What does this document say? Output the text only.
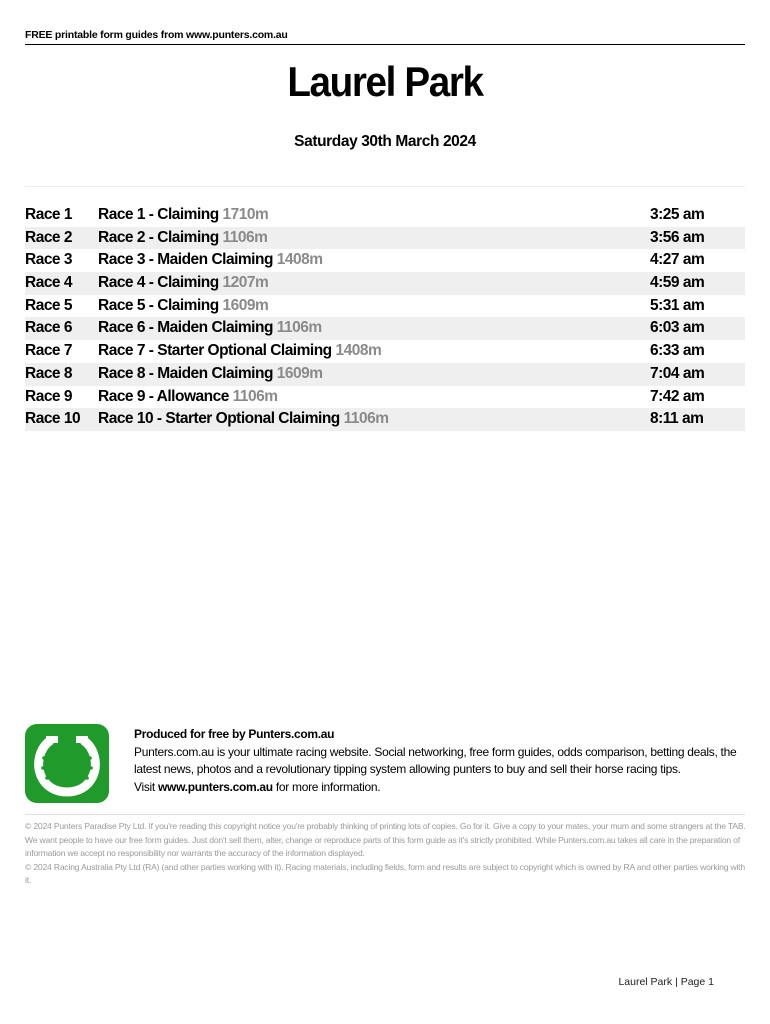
FREE printable form guides from www.punters.com.au
Laurel Park
Saturday 30th March 2024
Race 1 Race 1 - Claiming 1710m	3:25 am
Race 2 Race 2 - Claiming 1106m	3:56 am
Race 3 Race 3 - Maiden Claiming 1408m	4:27 am
Race 4 Race 4 - Claiming 1207m	4:59 am
Race 5 Race 5 - Claiming 1609m	5:31 am
Race 6 Race 6 - Maiden Claiming 1106m	6:03 am
Race 7 Race 7 - Starter Optional Claiming 1408m	6:33 am
Race 8 Race 8 - Maiden Claiming 1609m	7:04 am
Race 9 Race 9 - Allowance 1106m	7:42 am
Race 10 Race 10 - Starter Optional Claiming 1106m	8:11 am
Produced for free by Punters.com.au
Punters.com.au is your ultimate racing website. Social networking, free form guides, odds comparison, betting deals, the latest news, photos and a revolutionary tipping system allowing punters to buy and sell their horse racing tips.
Visit www.punters.com.au for more information.

© 2024 Punters Paradise Pty Ltd. If you're reading this copyright notice you're probably thinking of printing lots of copies. Go for it. Give a copy to your mates, your mum and some strangers at the TAB. We want people to have our free form guides. Just don't sell them, alter, change or reproduce parts of this form guide as it's strictly prohibited. While Punters.com.au takes all care in the preparation of information we accept no responsibility nor warrants the accuracy of the information displayed.

© 2024 Racing Australia Pty Ltd (RA) (and other parties working with it). Racing materials, including fields, form and results are subject to copyright which is owned by RA and other parties working with it.

Laurel Park | Page 1
